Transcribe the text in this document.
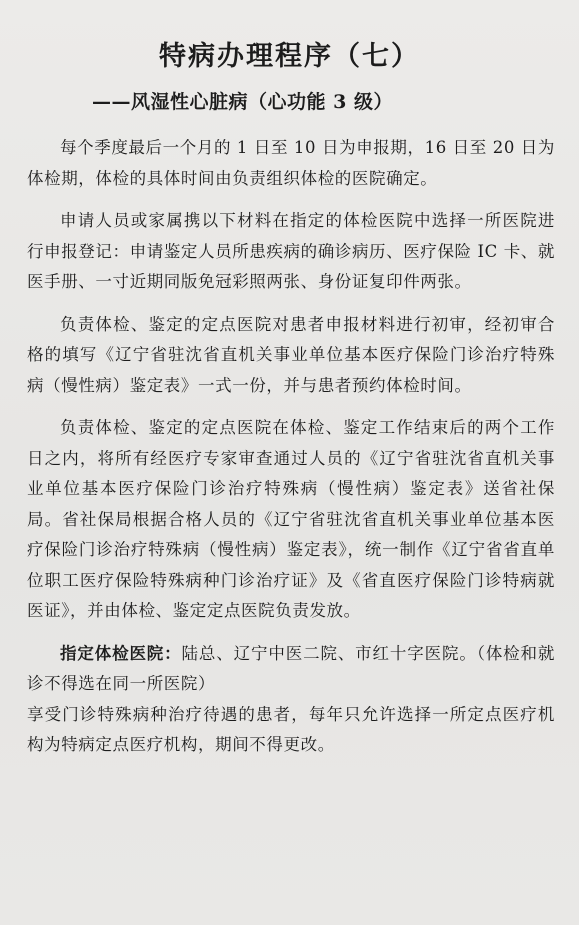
特病办理程序（七）
——风湿性心脏病（心功能 3 级）

每个季度最后一个月的 1 日至 10 日为申报期，16 日至 20 日为体检期，体检的具体时间由负责组织体检的医院确定。

申请人员或家属携以下材料在指定的体检医院中选择一所医院进行申报登记：申请鉴定人员所患疾病的确诊病历、医疗保险 IC 卡、就医手册、一寸近期同版免冠彩照两张、身份证复印件两张。

负责体检、鉴定的定点医院对患者申报材料进行初审，经初审合格的填写《辽宁省驻沈省直机关事业单位基本医疗保险门诊治疗特殊病（慢性病）鉴定表》一式一份，并与患者预约体检时间。

负责体检、鉴定的定点医院在体检、鉴定工作结束后的两个工作日之内，将所有经医疗专家审查通过人员的《辽宁省驻沈省直机关事业单位基本医疗保险门诊治疗特殊病（慢性病）鉴定表》送省社保局。省社保局根据合格人员的《辽宁省驻沈省直机关事业单位基本医疗保险门诊治疗特殊病（慢性病）鉴定表》，统一制作《辽宁省省直单位职工医疗保险特殊病种门诊治疗证》及《省直医疗保险门诊特病就医证》，并由体检、鉴定定点医院负责发放。

指定体检医院：陆总、辽宁中医二院、市红十字医院。（体检和就诊不得选在同一所医院）

享受门诊特殊病种治疗待遇的患者，每年只允许选择一所定点医疗机构为特病定点医疗机构，期间不得更改。
